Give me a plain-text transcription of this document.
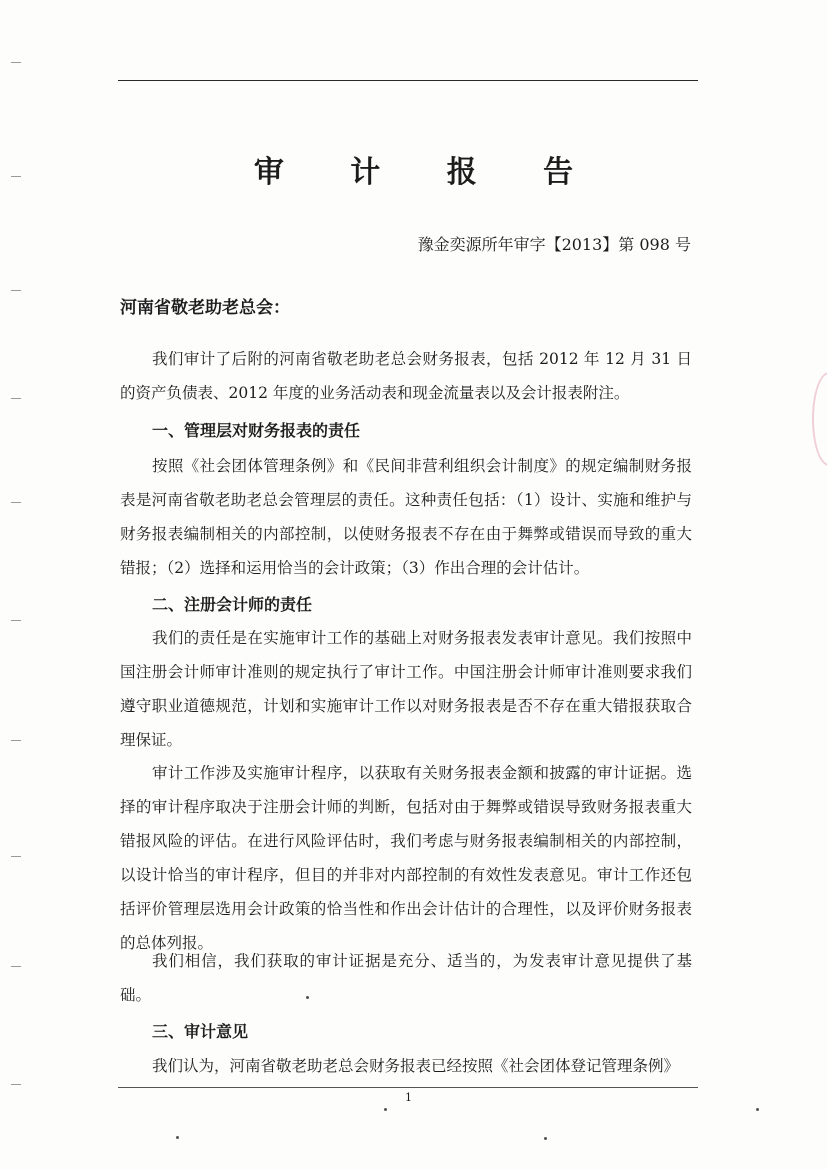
审 计 报 告
豫金奕源所年审字【2013】第 098 号
河南省敬老助老总会：

我们审计了后附的河南省敬老助老总会财务报表，包括 2012 年 12 月 31 日的资产负债表、2012 年度的业务活动表和现金流量表以及会计报表附注。

一、管理层对财务报表的责任

按照《社会团体管理条例》和《民间非营利组织会计制度》的规定编制财务报表是河南省敬老助老总会管理层的责任。这种责任包括：（1）设计、实施和维护与财务报表编制相关的内部控制，以使财务报表不存在由于舞弊或错误而导致的重大错报；（2）选择和运用恰当的会计政策；（3）作出合理的会计估计。

二、注册会计师的责任

我们的责任是在实施审计工作的基础上对财务报表发表审计意见。我们按照中国注册会计师审计准则的规定执行了审计工作。中国注册会计师审计准则要求我们遵守职业道德规范，计划和实施审计工作以对财务报表是否不存在重大错报获取合理保证。

审计工作涉及实施审计程序，以获取有关财务报表金额和披露的审计证据。选择的审计程序取决于注册会计师的判断，包括对由于舞弊或错误导致财务报表重大错报风险的评估。在进行风险评估时，我们考虑与财务报表编制相关的内部控制，以设计恰当的审计程序，但目的并非对内部控制的有效性发表意见。审计工作还包括评价管理层选用会计政策的恰当性和作出会计估计的合理性，以及评价财务报表的总体列报。

我们相信，我们获取的审计证据是充分、适当的，为发表审计意见提供了基础。

三、审计意见

我们认为，河南省敬老助老总会财务报表已经按照《社会团体登记管理条例》

1
